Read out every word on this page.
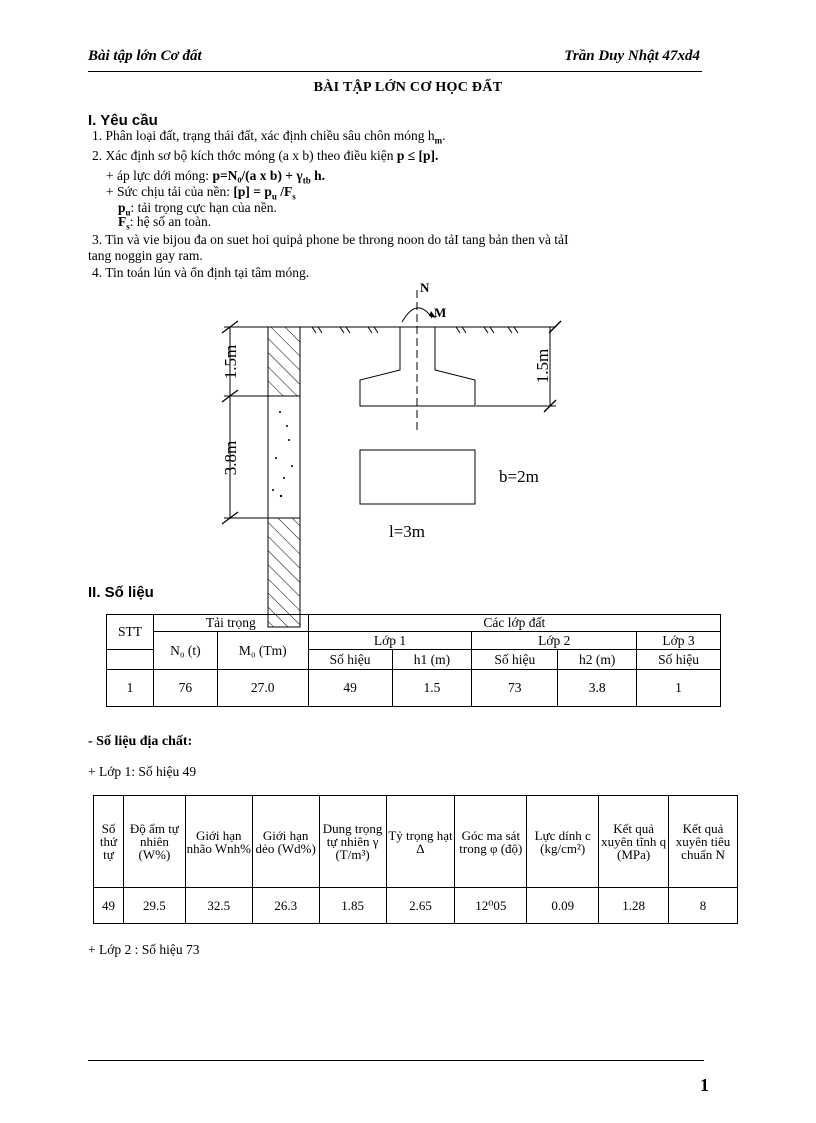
Bài tập lớn Cơ đất	Trần Duy Nhật 47xd4
BÀI TẬP LỚN CƠ HỌC ĐẤT
I. Yêu cầu
1. Phân loại đất, trạng thái đất, xác định chiều sâu chôn móng $h_m$.
2. Xác định sơ bộ kích thớc móng (a x b) theo điều kiện p ≤ [p].
+ áp lực dới móng: p=N₀/(a x $b) + \gamma_{tb}$ h.
+ Sức chịu tải của nền: $[p] = p_u$ $/F_s$
$p_u$: tải trọng cực hạn của nền.
$F_s$: hệ số an toàn.
3. Tin và vie bijou đa on suet hoi quipả phone be throng noon do tảI tang bản then và tảI
tang noggin gay ram.
4. Tin toán lún và ổn định tại tâm móng.
1.5m
3.8m
N
M
1.5m
b=2m
l=3m
II. Số liệu
STT	Tải trọng		Các lớp đất				
	N₀ (t)	M₀ (Tm)	Lớp 1		Lớp 2		Lớp 3
			Số hiệu	h1 (m)	Số hiệu	h2 (m)	Số hiệu
1	76	27.0	49	1.5	73	3.8	1
- Số liệu địa chất:
+ Lớp 1: Số hiệu 49
Số thứ tự	Độ ẩm tự nhiên (W%)	Giới hạn nhão Wnh%	Giới hạn dẻo (Wd%)	Dung trọng tự nhiên γ (T/m³)	Tỷ trọng hạt Δ	Góc ma sát trong φ (độ)	Lực dính c (kg/cm²)	Kết quả xuyên tĩnh q (MPa)	Kết quả xuyên tiêu chuẩn N
49	29.5	32.5	26.3	1.85	2.65	12⁰05	0.09	1.28	8
+ Lớp 2 : Số hiệu 73
1
